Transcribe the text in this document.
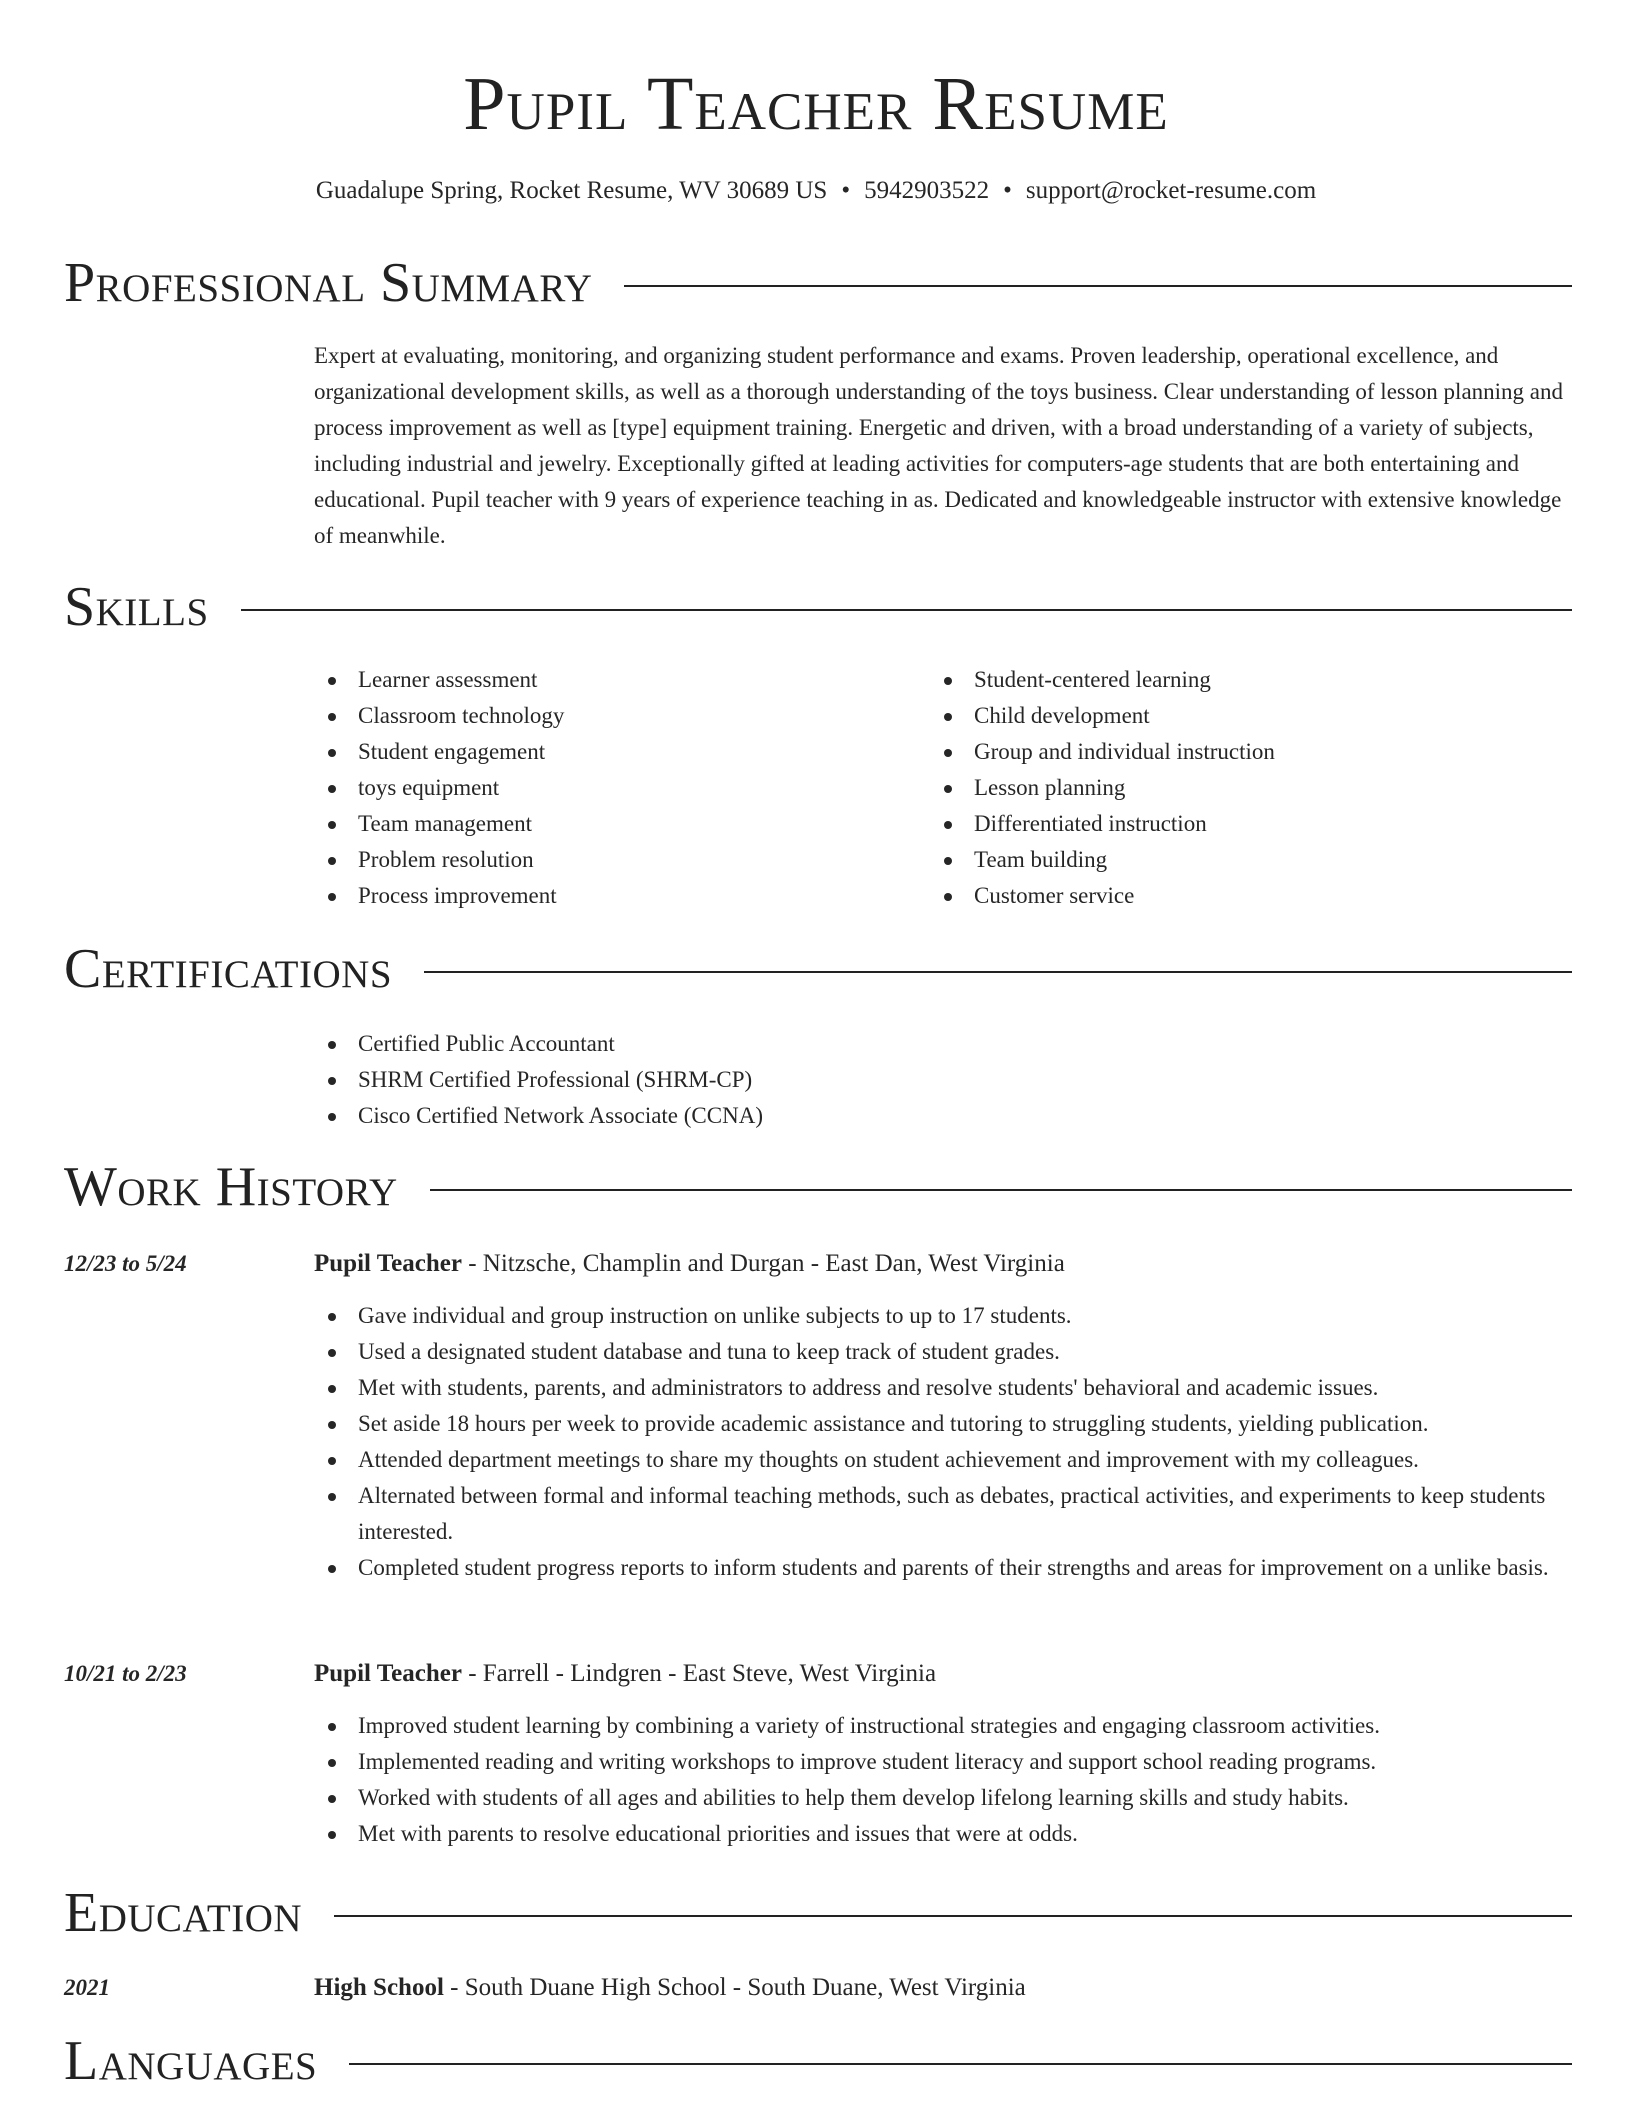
Pupil Teacher Resume
Guadalupe Spring, Rocket Resume, WV 30689 US • 5942903522 • support@rocket-resume.com
Professional Summary

Expert at evaluating, monitoring, and organizing student performance and exams. Proven leadership, operational excellence, and organizational development skills, as well as a thorough understanding of the toys business. Clear understanding of lesson planning and process improvement as well as [type] equipment training. Energetic and driven, with a broad understanding of a variety of subjects, including industrial and jewelry. Exceptionally gifted at leading activities for computers-age students that are both entertaining and educational. Pupil teacher with 9 years of experience teaching in as. Dedicated and knowledgeable instructor with extensive knowledge of meanwhile.

Skills
Learner assessment
Classroom technology
Student engagement
toys equipment
Team management
Problem resolution
Process improvement
Student-centered learning
Child development
Group and individual instruction
Lesson planning
Differentiated instruction
Team building
Customer service
Certifications
Certified Public Accountant
SHRM Certified Professional (SHRM-CP)
Cisco Certified Network Associate (CCNA)
Work History
12/23 to 5/24	Pupil Teacher - Nitzsche, Champlin and Durgan - East Dan, West Virginia
Gave individual and group instruction on unlike subjects to up to 17 students.
Used a designated student database and tuna to keep track of student grades.
Met with students, parents, and administrators to address and resolve students' behavioral and academic issues.
Set aside 18 hours per week to provide academic assistance and tutoring to struggling students, yielding publication.
Attended department meetings to share my thoughts on student achievement and improvement with my colleagues.
Alternated between formal and informal teaching methods, such as debates, practical activities, and experiments to keep students interested.
Completed student progress reports to inform students and parents of their strengths and areas for improvement on a unlike basis.
10/21 to 2/23	Pupil Teacher - Farrell - Lindgren - East Steve, West Virginia
Improved student learning by combining a variety of instructional strategies and engaging classroom activities.
Implemented reading and writing workshops to improve student literacy and support school reading programs.
Worked with students of all ages and abilities to help them develop lifelong learning skills and study habits.
Met with parents to resolve educational priorities and issues that were at odds.
Education
2021	High School - South Duane High School - South Duane, West Virginia
Languages
